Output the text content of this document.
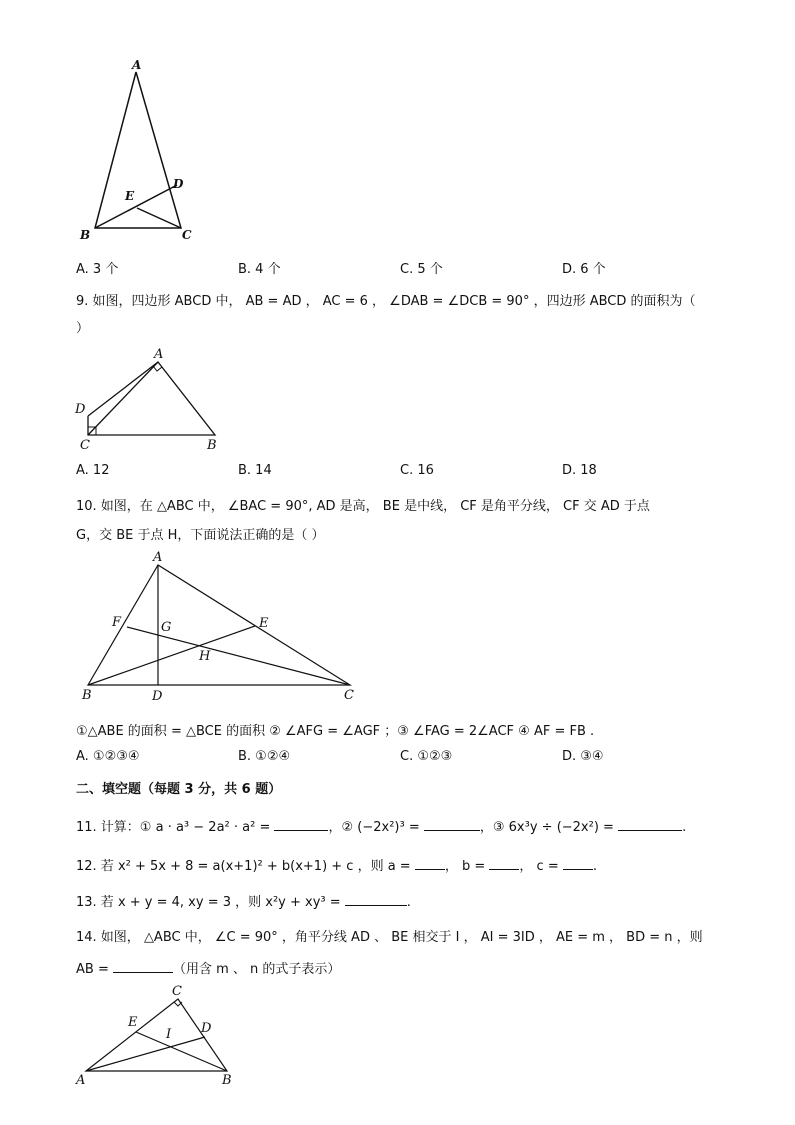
A
B	C
D
E
A. 3 个	B. 4 个	C. 5 个	D. 6 个
9. 如图，四边形 ABCD 中， AB = AD ， AC = 6 ， ∠DAB = ∠DCB = 90° ，四边形 ABCD 的面积为（
）
A
B
C
D
A. 12	B. 14	C. 16	D. 18
10. 如图，在 △ABC 中， ∠BAC = 90°, AD 是高， BE 是中线， CF 是角平分线， CF 交 AD 于点
G，交 BE 于点 H，下面说法正确的是（ ）
A
B	C
D
E
F	G
H
①△ABE 的面积 = △BCE 的面积 ② ∠AFG = ∠AGF ；③ ∠FAG = 2∠ACF ④ AF = FB .
A. ①②③④	B. ①②④	C. ①②③	D. ③④
二、填空题（每题 3 分，共 6 题）
11. 计算：① a · a³ − 2a² · a² =	，② (−2x²)³ =	，③ 6x³y ÷ (−2x²) =	.
12. 若 x² + 5x + 8 = a(x+1)² + b(x+1) + c ，则 a =	， b =	， c =	.
13. 若 x + y = 4, xy = 3 ，则 x²y + xy³ =	.
14. 如图， △ABC 中， ∠C = 90° ，角平分线 AD 、 BE 相交于 I ， AI = 3ID ， AE = m ， BD = n ，则
AB =	（用含 m 、 n 的式子表示）
C
A	B
E	D
I
